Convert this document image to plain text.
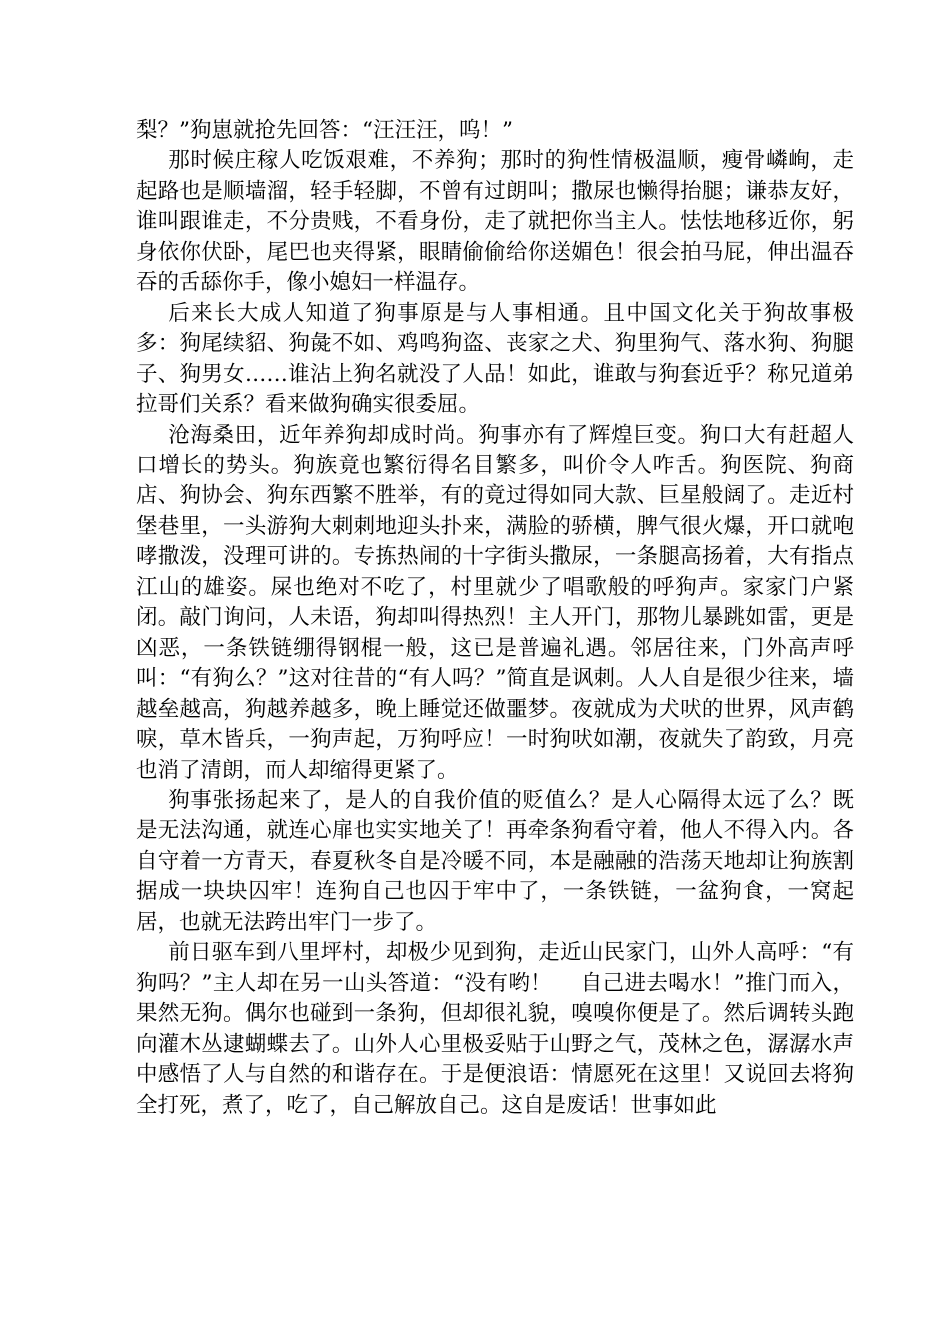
梨？”狗崽就抢先回答：“汪汪汪，呜！”

那时候庄稼人吃饭艰难，不养狗；那时的狗性情极温顺，瘦骨嶙峋，走起路也是顺墙溜，轻手轻脚，不曾有过朗叫；撒尿也懒得抬腿；谦恭友好，谁叫跟谁走，不分贵贱，不看身份，走了就把你当主人。怯怯地移近你，躬身依你伏卧，尾巴也夹得紧，眼睛偷偷给你送媚色！很会拍马屁，伸出温吞吞的舌舔你手，像小媳妇一样温存。

后来长大成人知道了狗事原是与人事相通。且中国文化关于狗故事极多：狗尾续貂、狗彘不如、鸡鸣狗盗、丧家之犬、狗里狗气、落水狗、狗腿子、狗男女……谁沾上狗名就没了人品！如此，谁敢与狗套近乎？称兄道弟拉哥们关系？看来做狗确实很委屈。

沧海桑田，近年养狗却成时尚。狗事亦有了辉煌巨变。狗口大有赶超人口增长的势头。狗族竟也繁衍得名目繁多，叫价令人咋舌。狗医院、狗商店、狗协会、狗东西繁不胜举，有的竟过得如同大款、巨星般阔了。走近村堡巷里，一头游狗大刺刺地迎头扑来，满脸的骄横，脾气很火爆，开口就咆哮撒泼，没理可讲的。专拣热闹的十字街头撒尿，一条腿高扬着，大有指点江山的雄姿。屎也绝对不吃了，村里就少了唱歌般的呼狗声。家家门户紧闭。敲门询问，人未语，狗却叫得热烈！主人开门，那物儿暴跳如雷，更是凶恶，一条铁链绷得钢棍一般，这已是普遍礼遇。邻居往来，门外高声呼叫：“有狗么？”这对往昔的“有人吗？”简直是讽刺。人人自是很少往来，墙越垒越高，狗越养越多，晚上睡觉还做噩梦。夜就成为犬吠的世界，风声鹤唳，草木皆兵，一狗声起，万狗呼应！一时狗吠如潮，夜就失了韵致，月亮也消了清朗，而人却缩得更紧了。

狗事张扬起来了，是人的自我价值的贬值么？是人心隔得太远了么？既是无法沟通，就连心扉也实实地关了！再牵条狗看守着，他人不得入内。各自守着一方青天，春夏秋冬自是冷暖不同，本是融融的浩荡天地却让狗族割据成一块块囚牢！连狗自己也囚于牢中了，一条铁链，一盆狗食，一窝起居，也就无法跨出牢门一步了。

前日驱车到八里坪村，却极少见到狗，走近山民家门，山外人高呼：“有狗吗？”主人却在另一山头答道：“没有哟！    自己进去喝水！”推门而入，果然无狗。偶尔也碰到一条狗，但却很礼貌，嗅嗅你便是了。然后调转头跑向灌木丛逮蝴蝶去了。山外人心里极妥贴于山野之气，茂林之色，潺潺水声中感悟了人与自然的和谐存在。于是便浪语：情愿死在这里！又说回去将狗全打死，煮了，吃了，自己解放自己。这自是废话！世事如此
